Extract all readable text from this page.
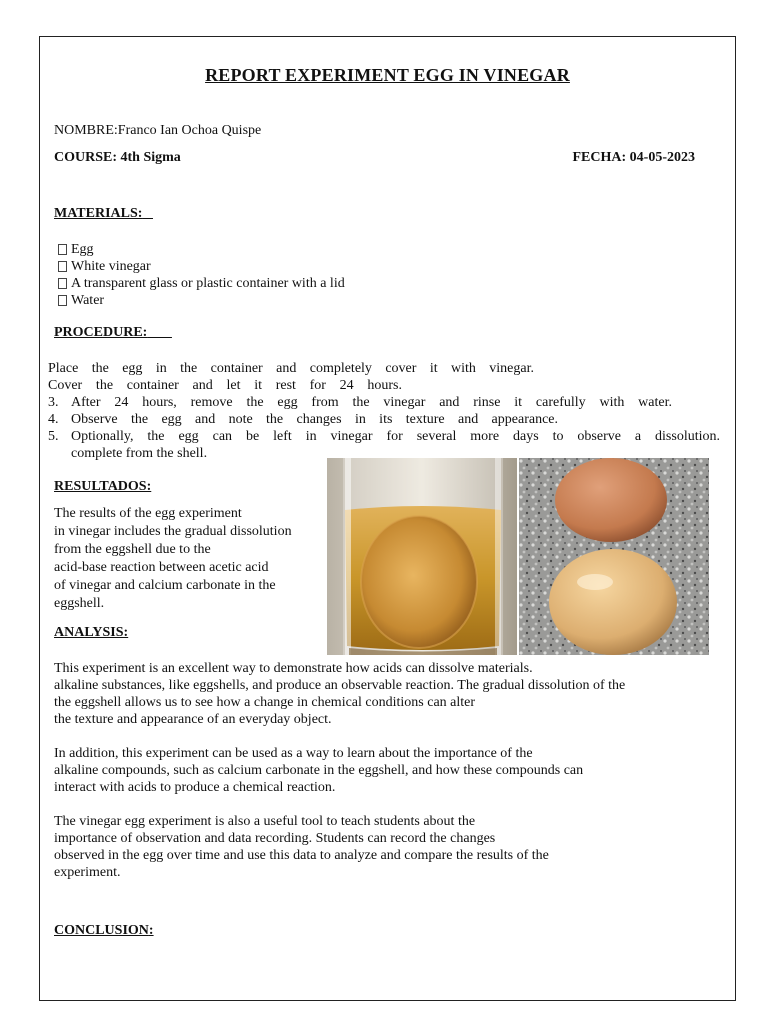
REPORT EXPERIMENT EGG IN VINEGAR
NOMBRE:Franco Ian Ochoa Quispe
COURSE: 4th Sigma	FECHA: 04-05-2023
MATERIALS:
Egg
White vinegar
A transparent glass or plastic container with a lid
Water
PROCEDURE:
Place the egg in the container and completely cover it with vinegar.
Cover the container and let it rest for 24 hours.
3. After 24 hours, remove the egg from the vinegar and rinse it carefully with water.
4. Observe the egg and note the changes in its texture and appearance.
5. Optionally, the egg can be left in vinegar for several more days to observe a dissolution.
complete from the shell.
RESULTADOS:
The results of the egg experiment
in vinegar includes the gradual dissolution
from the eggshell due to the
acid-base reaction between acetic acid
of vinegar and calcium carbonate in the
eggshell.
ANALYSIS:

This experiment is an excellent way to demonstrate how acids can dissolve materials.
alkaline substances, like eggshells, and produce an observable reaction. The gradual dissolution of the
the eggshell allows us to see how a change in chemical conditions can alter
the texture and appearance of an everyday object.

In addition, this experiment can be used as a way to learn about the importance of the
alkaline compounds, such as calcium carbonate in the eggshell, and how these compounds can
interact with acids to produce a chemical reaction.

The vinegar egg experiment is also a useful tool to teach students about the
importance of observation and data recording. Students can record the changes
observed in the egg over time and use this data to analyze and compare the results of the
experiment.

CONCLUSION:
